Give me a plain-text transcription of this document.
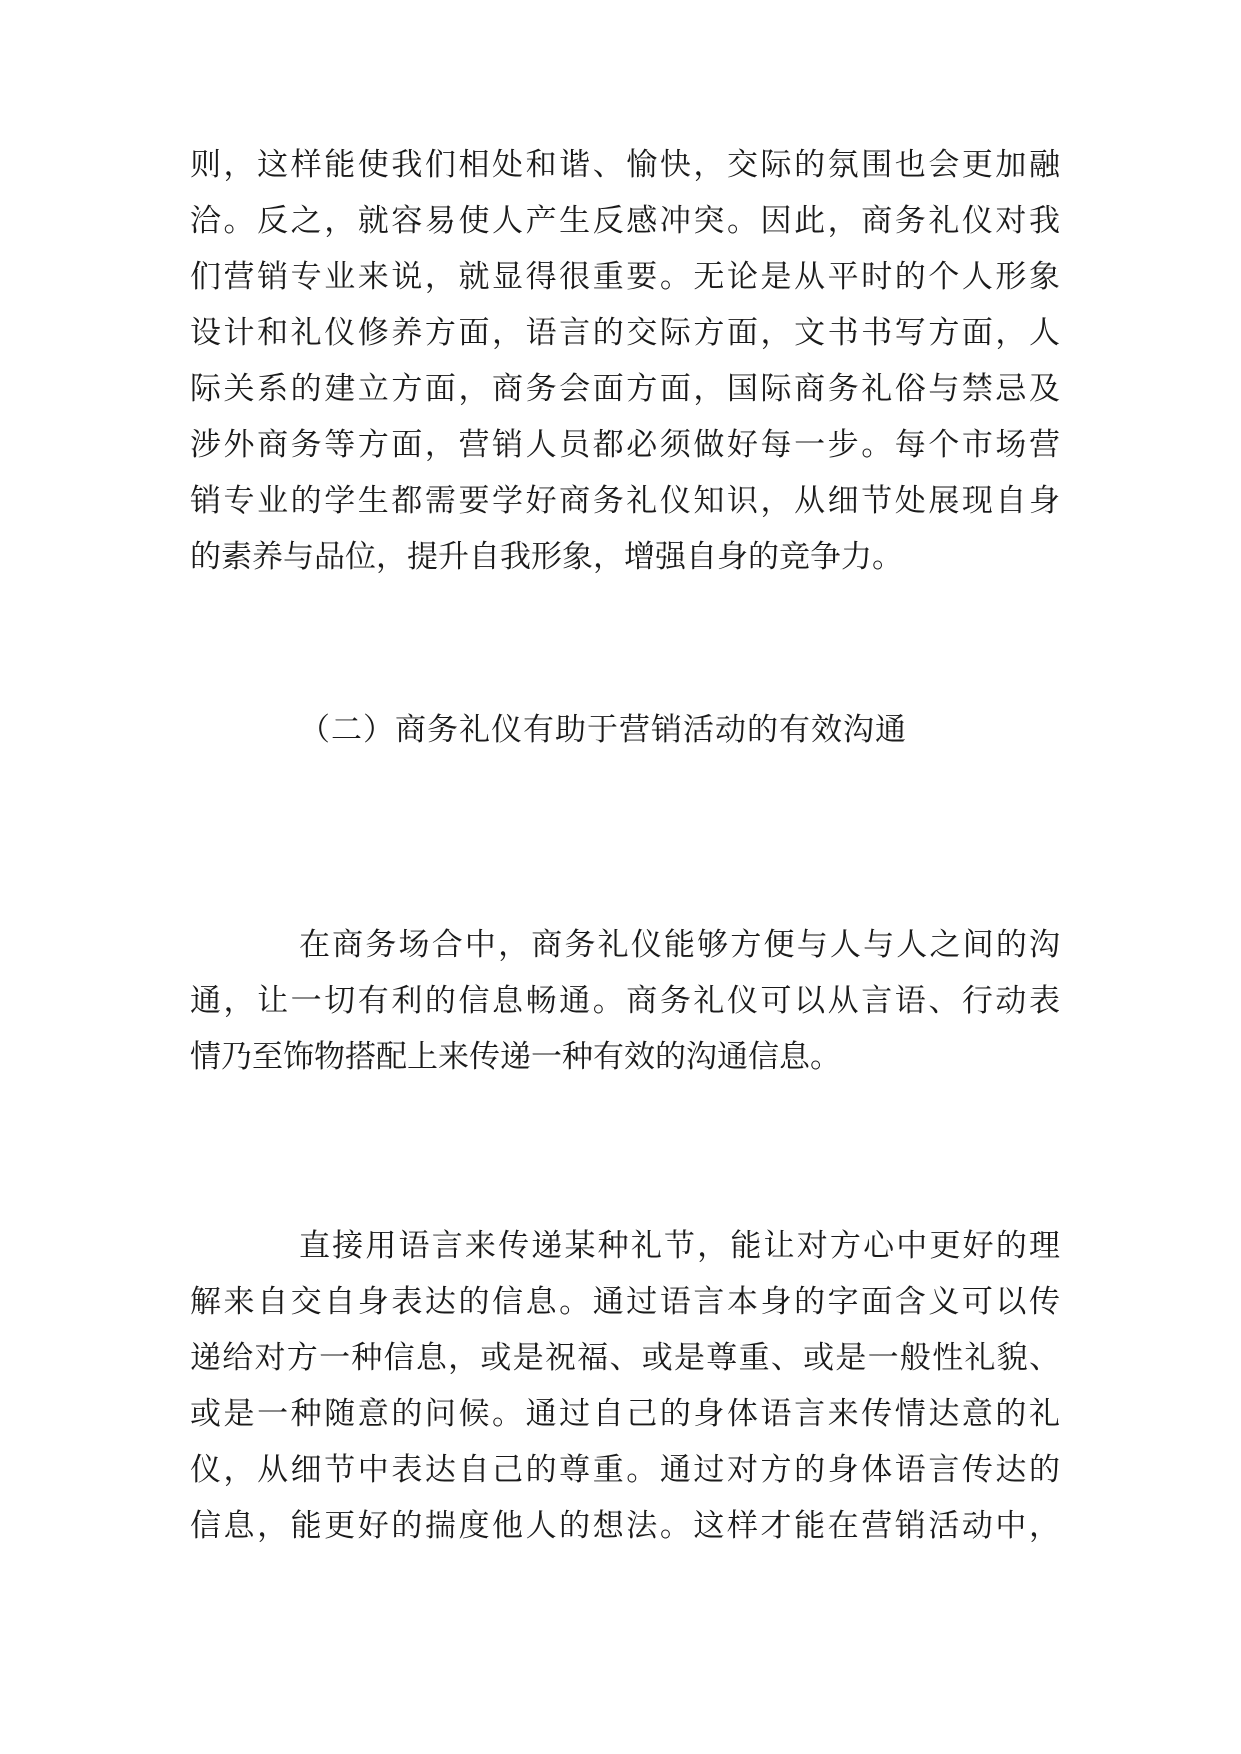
则，这样能使我们相处和谐、愉快，交际的氛围也会更加融
洽。反之，就容易使人产生反感冲突。因此，商务礼仪对我
们营销专业来说，就显得很重要。无论是从平时的个人形象
设计和礼仪修养方面，语言的交际方面，文书书写方面，人
际关系的建立方面，商务会面方面，国际商务礼俗与禁忌及
涉外商务等方面，营销人员都必须做好每一步。每个市场营
销专业的学生都需要学好商务礼仪知识，从细节处展现自身
的素养与品位，提升自我形象，增强自身的竞争力。
（二）商务礼仪有助于营销活动的有效沟通
在商务场合中，商务礼仪能够方便与人与人之间的沟
通，让一切有利的信息畅通。商务礼仪可以从言语、行动表
情乃至饰物搭配上来传递一种有效的沟通信息。
直接用语言来传递某种礼节，能让对方心中更好的理
解来自交自身表达的信息。通过语言本身的字面含义可以传
递给对方一种信息，或是祝福、或是尊重、或是一般性礼貌、
或是一种随意的问候。通过自己的身体语言来传情达意的礼
仪，从细节中表达自己的尊重。通过对方的身体语言传达的
信息，能更好的揣度他人的想法。这样才能在营销活动中，
